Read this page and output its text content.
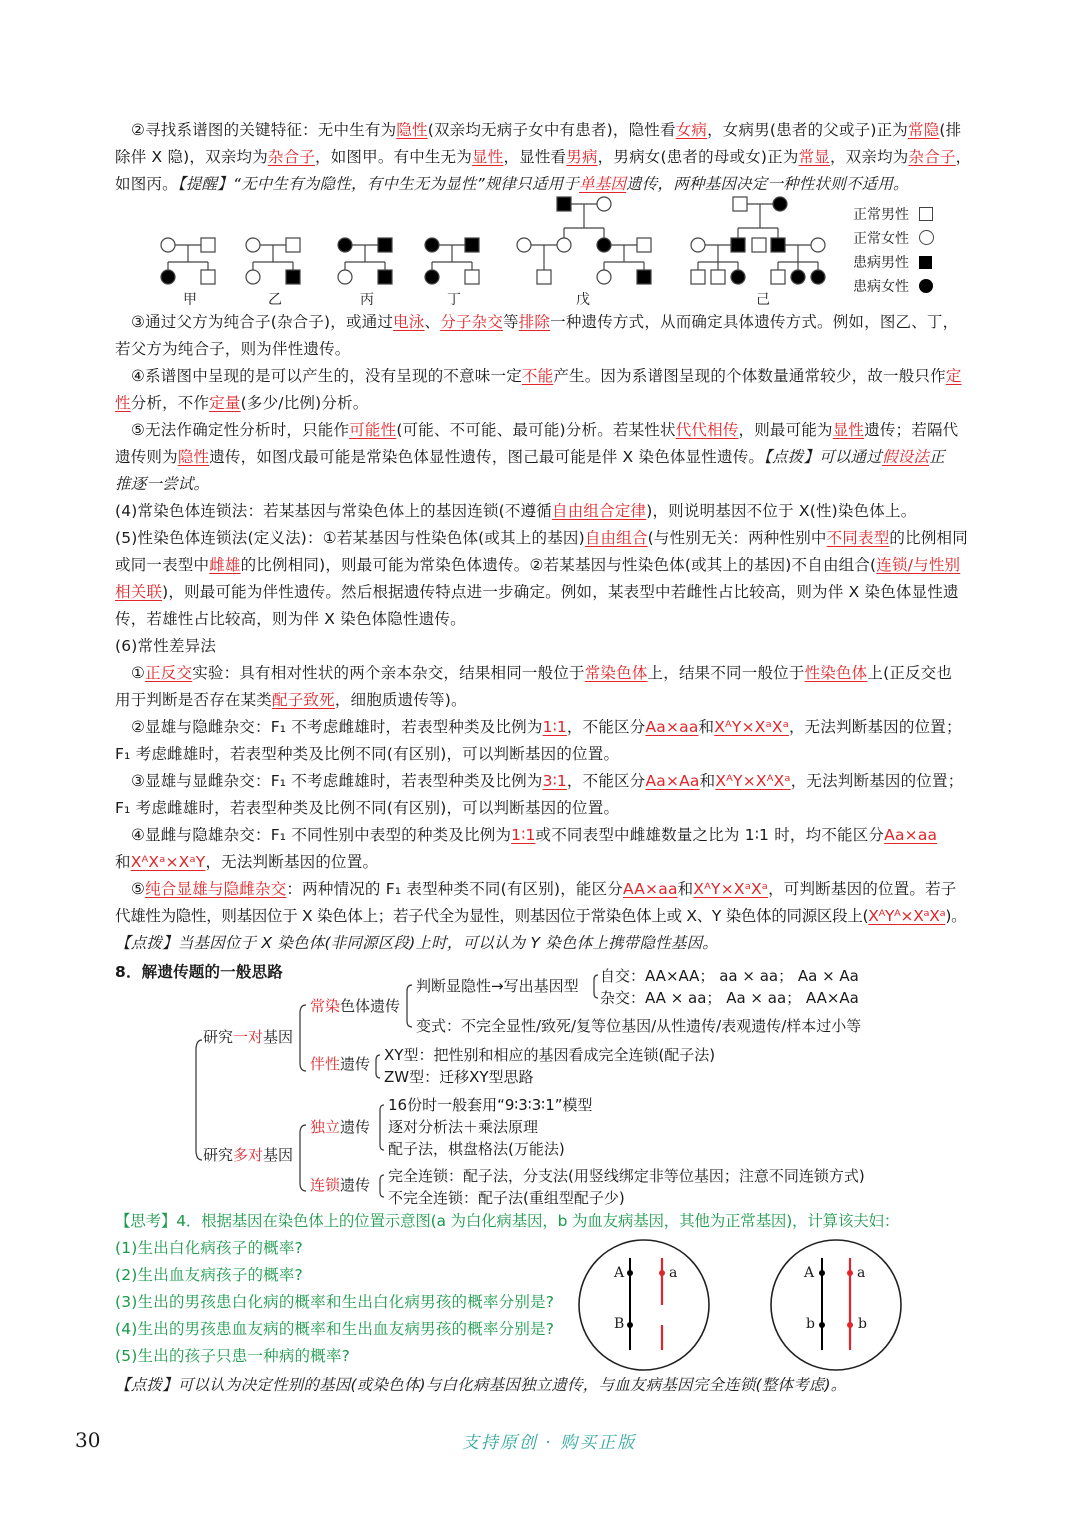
②寻找系谱图的关键特征：无中生有为隐性(双亲均无病子女中有患者)，隐性看女病，女病男(患者的父或子)正为常隐(排
除伴 X 隐)，双亲均为杂合子，如图甲。有中生无为显性，显性看男病，男病女(患者的母或女)正为常显，双亲均为杂合子，
如图丙。【提醒】“无中生有为隐性，有中生无为显性”规律只适用于单基因遗传，两种基因决定一种性状则不适用。
甲	乙	丙	丁	戊	己
正常男性
正常女性
患病男性
患病女性
③通过父方为纯合子(杂合子)，或通过电泳、分子杂交等排除一种遗传方式，从而确定具体遗传方式。例如，图乙、丁，
若父方为纯合子，则为伴性遗传。
④系谱图中呈现的是可以产生的，没有呈现的不意味一定不能产生。因为系谱图呈现的个体数量通常较少，故一般只作定
性分析，不作定量(多少/比例)分析。
⑤无法作确定性分析时，只能作可能性(可能、不可能、最可能)分析。若某性状代代相传，则最可能为显性遗传；若隔代
遗传则为隐性遗传，如图戊最可能是常染色体显性遗传，图己最可能是伴 X 染色体显性遗传。【点拨】可以通过假设法正
推逐一尝试。
(4)常染色体连锁法：若某基因与常染色体上的基因连锁(不遵循自由组合定律)，则说明基因不位于 X(性)染色体上。
(5)性染色体连锁法(定义法)：①若某基因与性染色体(或其上的基因)自由组合(与性别无关：两种性别中不同表型的比例相同
或同一表型中雌雄的比例相同)，则最可能为常染色体遗传。②若某基因与性染色体(或其上的基因)不自由组合(连锁/与性别
相关联)，则最可能为伴性遗传。然后根据遗传特点进一步确定。例如，某表型中若雌性占比较高，则为伴 X 染色体显性遗
传，若雄性占比较高，则为伴 X 染色体隐性遗传。
(6)常性差异法
①正反交实验：具有相对性状的两个亲本杂交，结果相同一般位于常染色体上，结果不同一般位于性染色体上(正反交也
用于判断是否存在某类配子致死，细胞质遗传等)。
②显雄与隐雌杂交：F₁ 不考虑雌雄时，若表型种类及比例为1∶1，不能区分Aa×aa和XᴬY×XᵃXᵃ，无法判断基因的位置；
F₁ 考虑雌雄时，若表型种类及比例不同(有区别)，可以判断基因的位置。
③显雄与显雌杂交：F₁ 不考虑雌雄时，若表型种类及比例为3∶1，不能区分Aa×Aa和XᴬY×XᴬXᵃ，无法判断基因的位置；
F₁ 考虑雌雄时，若表型种类及比例不同(有区别)，可以判断基因的位置。
④显雌与隐雄杂交：F₁ 不同性别中表型的种类及比例为1∶1或不同表型中雌雄数量之比为 1∶1 时，均不能区分Aa×aa
和XᴬXᵃ×XᵃY，无法判断基因的位置。
⑤纯合显雄与隐雌杂交：两种情况的 F₁ 表型种类不同(有区别)，能区分AA×aa和XᴬY×XᵃXᵃ，可判断基因的位置。若子
代雄性为隐性，则基因位于 X 染色体上；若子代全为显性，则基因位于常染色体上或 X、Y 染色体的同源区段上(XᴬYᴬ×XᵃXᵃ)。
【点拨】当基因位于 X 染色体(非同源区段)上时，可以认为 Y 染色体上携带隐性基因。
8．解遗传题的一般思路
研究一对基因
研究多对基因
常染色体遗传
伴性遗传
独立遗传
连锁遗传
判断显隐性→写出基因型
自交：AA×AA； aa × aa； Aa × Aa
杂交：AA × aa； Aa × aa； AA×Aa
变式：不完全显性/致死/复等位基因/从性遗传/表观遗传/样本过小等
XY型：把性别和相应的基因看成完全连锁(配子法)
ZW型：迁移XY型思路
16份时一般套用“9∶3∶3∶1”模型
逐对分析法＋乘法原理
配子法，棋盘格法(万能法)
完全连锁：配子法，分支法(用竖线绑定非等位基因；注意不同连锁方式)
不完全连锁：配子法(重组型配子少)
【思考】4．根据基因在染色体上的位置示意图(a 为白化病基因，b 为血友病基因，其他为正常基因)，计算该夫妇：
(1)生出白化病孩子的概率?
(2)生出血友病孩子的概率?
(3)生出的男孩患白化病的概率和生出白化病男孩的概率分别是?
(4)生出的男孩患血友病的概率和生出血友病男孩的概率分别是?
(5)生出的孩子只患一种病的概率?
【点拨】可以认为决定性别的基因(或染色体)与白化病基因独立遗传，与血友病基因完全连锁(整体考虑)。
A	a
B
A	a
b	b
30	支持原创 · 购买正版
